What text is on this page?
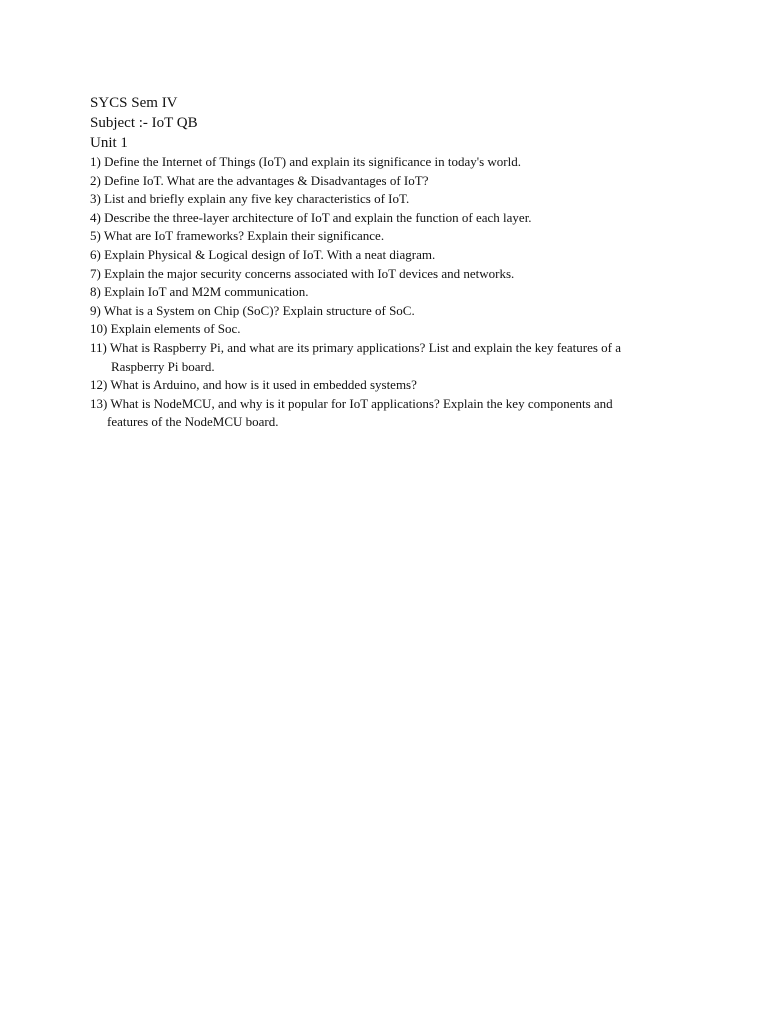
SYCS Sem IV
Subject :- IoT QB
Unit 1
1) Define the Internet of Things (IoT) and explain its significance in today's world.
2) Define IoT. What are the advantages & Disadvantages of IoT?
3) List and briefly explain any five key characteristics of IoT.
4) Describe the three-layer architecture of IoT and explain the function of each layer.
5) What are IoT frameworks? Explain their significance.
6) Explain Physical & Logical design of IoT. With a neat diagram.
7) Explain the major security concerns associated with IoT devices and networks.
8) Explain IoT and M2M communication.
9) What is a System on Chip (SoC)? Explain structure of SoC.
10) Explain elements of Soc.
11) What is Raspberry Pi, and what are its primary applications? List and explain the key features of a
Raspberry Pi board.
12) What is Arduino, and how is it used in embedded systems?
13) What is NodeMCU, and why is it popular for IoT applications? Explain the key components and
features of the NodeMCU board.
